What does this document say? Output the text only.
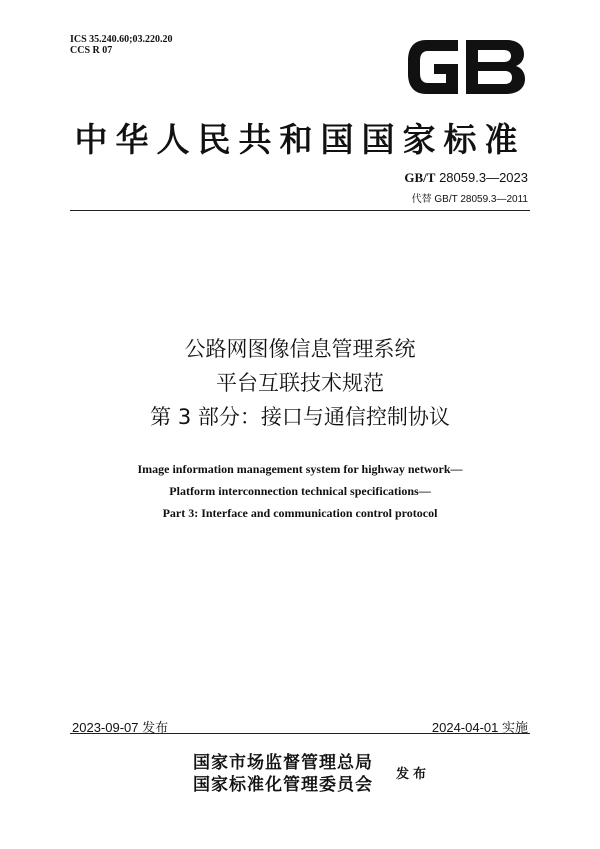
ICS 35.240.60;03.220.20
CCS R 07
中华人民共和国国家标准
GB/T 28059.3—2023
代替 GB/T 28059.3—2011
公路网图像信息管理系统
平台互联技术规范
第 3 部分：接口与通信控制协议
Image information management system for highway network—
Platform interconnection technical specifications—
Part 3: Interface and communication control protocol
2023-09-07 发布	2024-04-01 实施
国家市场监督管理总局
国家标准化管理委员会
发布
